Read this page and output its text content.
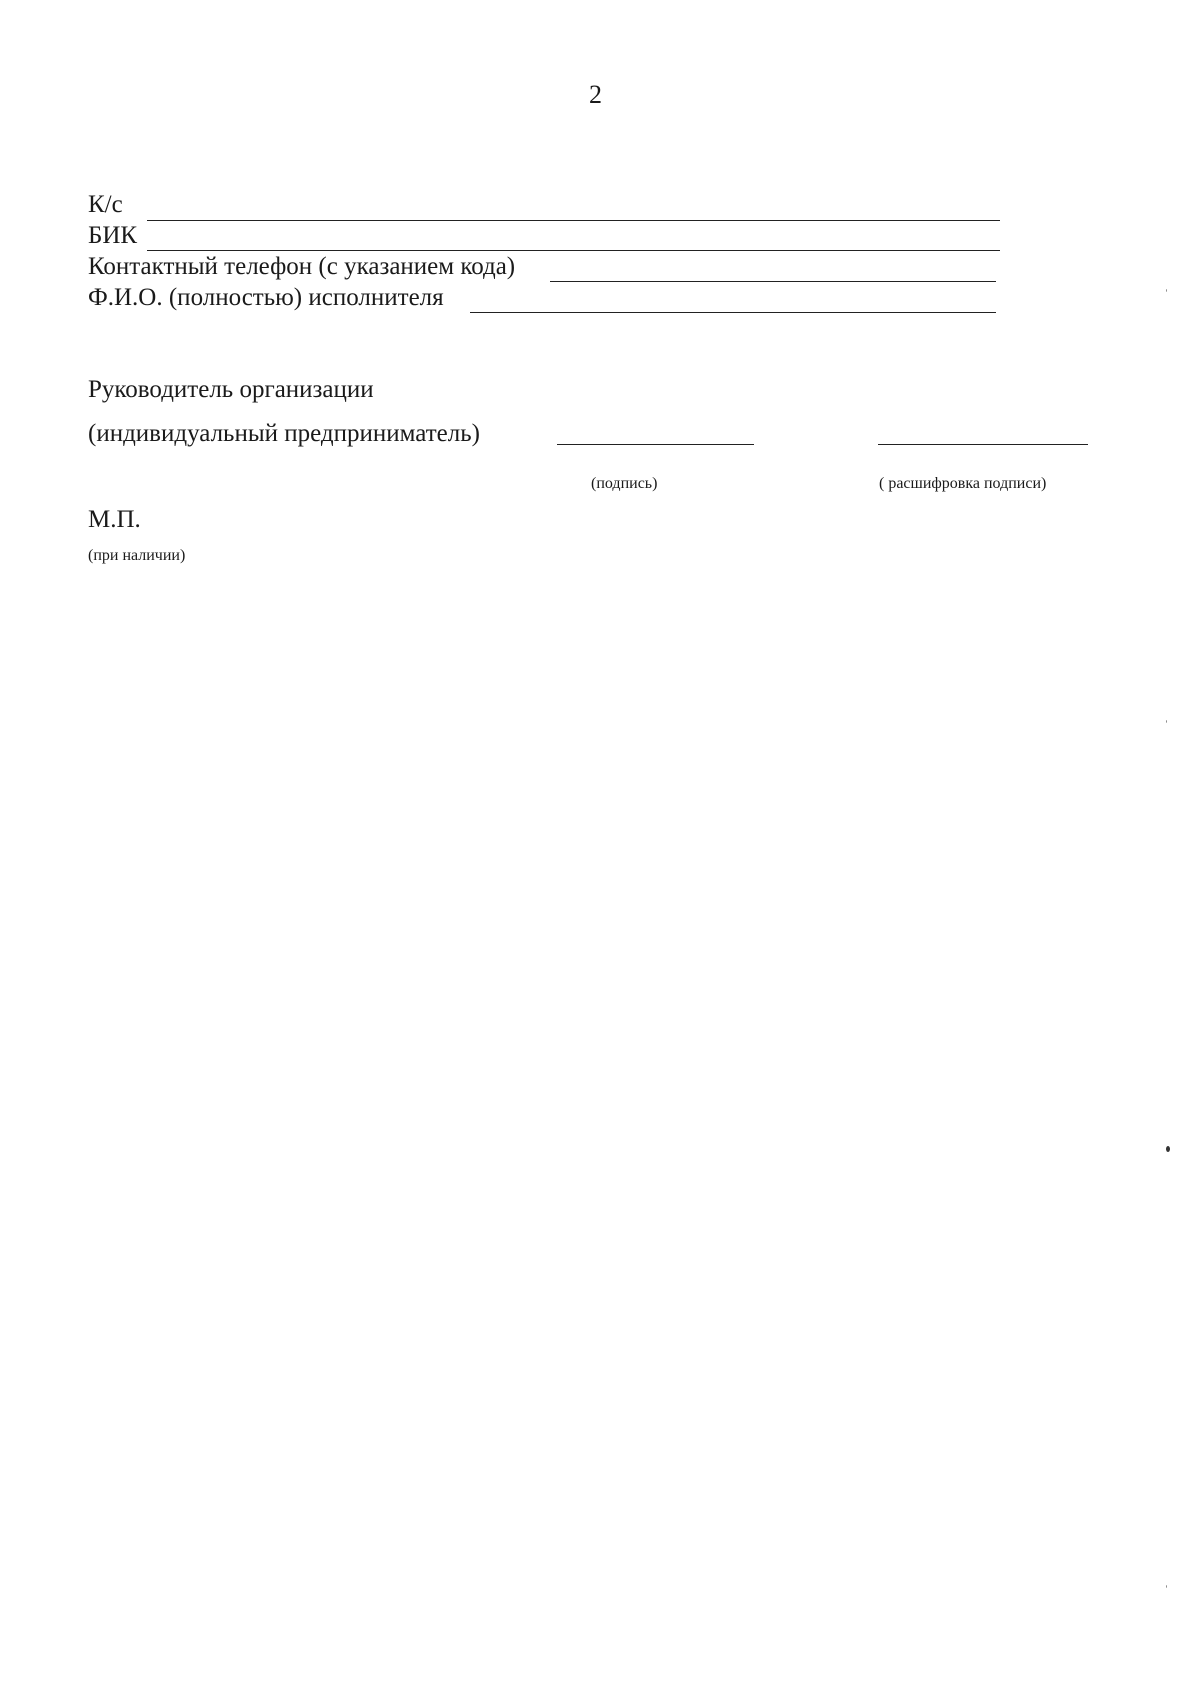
2
К/с
БИК
Контактный телефон (с указанием кода)
Ф.И.О. (полностью) исполнителя
Руководитель организации
(индивидуальный предприниматель)
(подпись)	( расшифровка подписи)
М.П.
(при наличии)
